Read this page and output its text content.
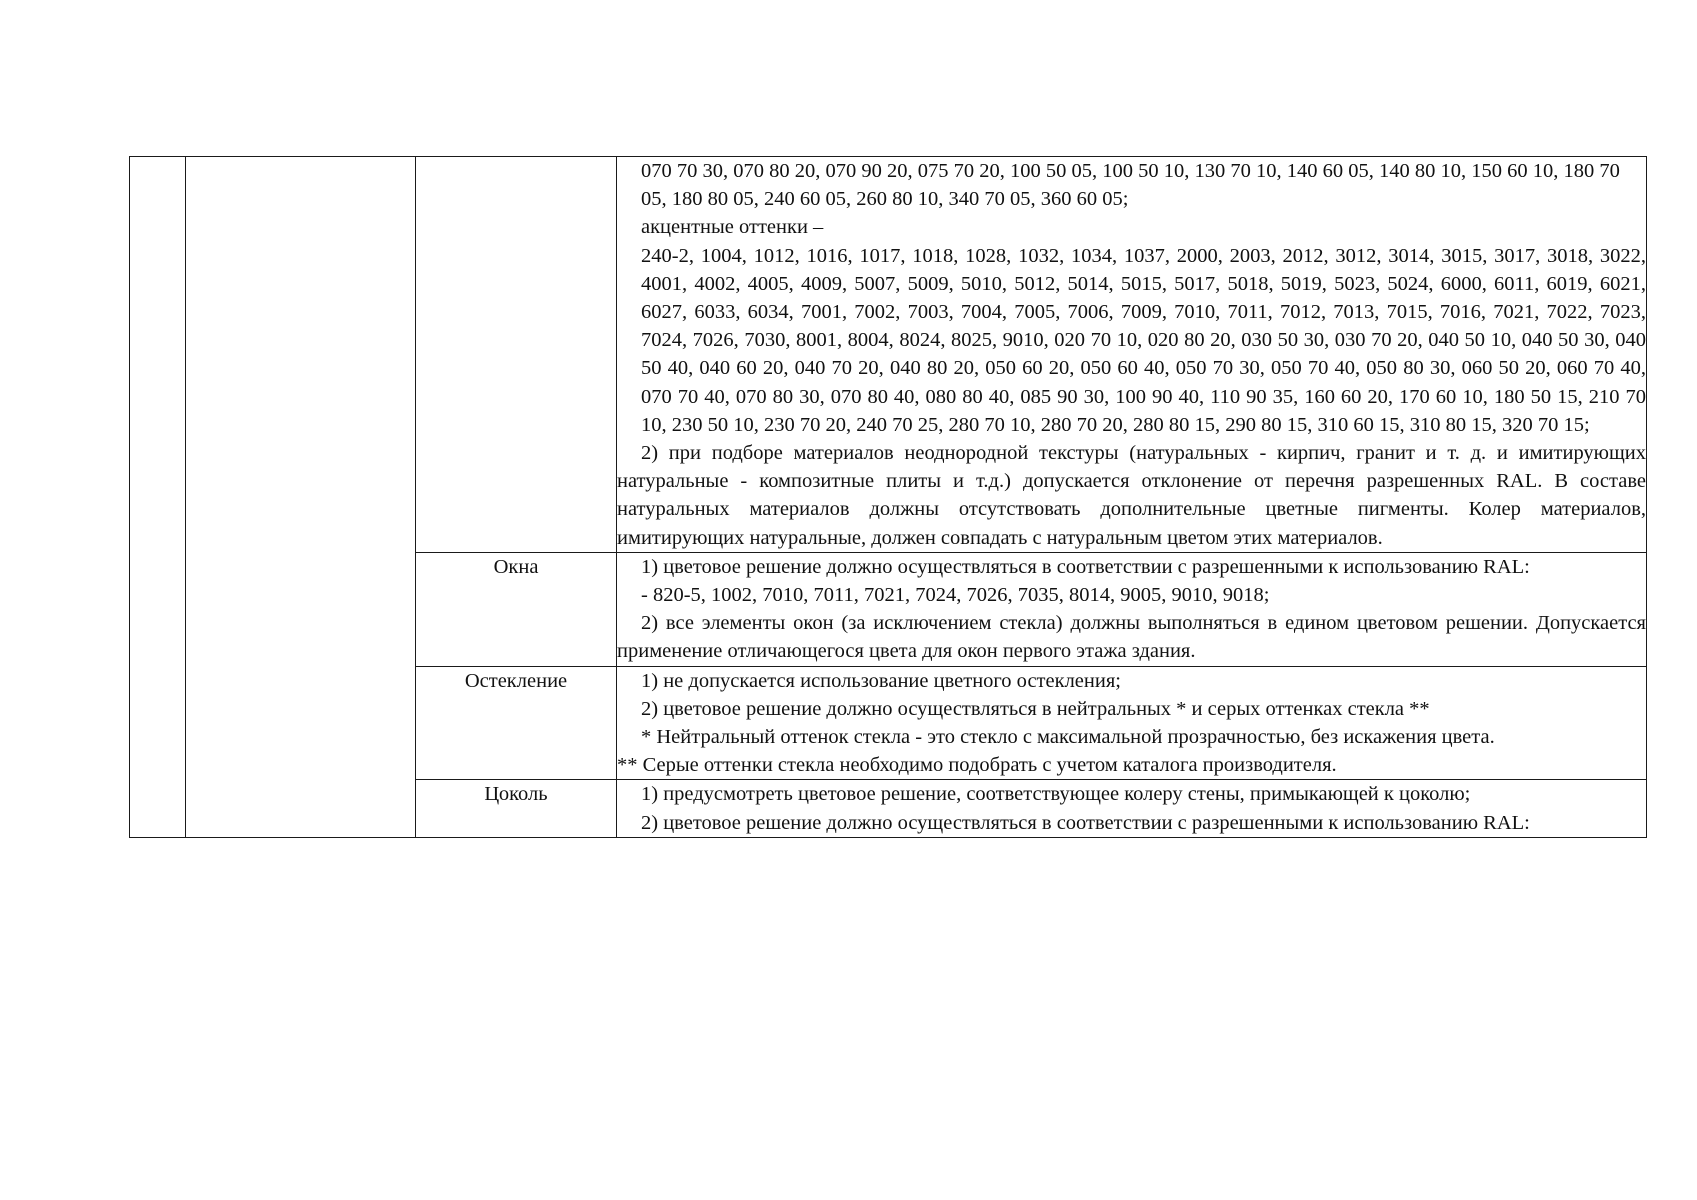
			070 70 30, 070 80 20, 070 90 20, 075 70 20, 100 50 05, 100 50 10, 130 70 10, 140 60 05, 140 80 10, 150 60 10, 180 70 05, 180 80 05, 240 60 05, 260 80 10, 340 70 05, 360 60 05;

акцентные оттенки –

240-2, 1004, 1012, 1016, 1017, 1018, 1028, 1032, 1034, 1037, 2000, 2003, 2012, 3012, 3014, 3015, 3017, 3018, 3022, 4001, 4002, 4005, 4009, 5007, 5009, 5010, 5012, 5014, 5015, 5017, 5018, 5019, 5023, 5024, 6000, 6011, 6019, 6021, 6027, 6033, 6034, 7001, 7002, 7003, 7004, 7005, 7006, 7009, 7010, 7011, 7012, 7013, 7015, 7016, 7021, 7022, 7023, 7024, 7026, 7030, 8001, 8004, 8024, 8025, 9010, 020 70 10, 020 80 20, 030 50 30, 030 70 20, 040 50 10, 040 50 30, 040 50 40, 040 60 20, 040 70 20, 040 80 20, 050 60 20, 050 60 40, 050 70 30, 050 70 40, 050 80 30, 060 50 20, 060 70 40, 070 70 40, 070 80 30, 070 80 40, 080 80 40, 085 90 30, 100 90 40, 110 90 35, 160 60 20, 170 60 10, 180 50 15, 210 70 10, 230 50 10, 230 70 20, 240 70 25, 280 70 10, 280 70 20, 280 80 15, 290 80 15, 310 60 15, 310 80 15, 320 70 15;

2) при подборе материалов неоднородной текстуры (натуральных - кирпич, гранит и т. д. и имитирующих натуральные - композитные плиты и т.д.) допускается отклонение от перечня разрешенных RAL. В составе натуральных материалов должны отсутствовать дополнительные цветные пигменты. Колер материалов, имитирующих натуральные, должен совпадать с натуральным цветом этих материалов.

		Окна	1) цветовое решение должно осуществляться в соответствии с разрешенными к использованию RAL:

- 820-5, 1002, 7010, 7011, 7021, 7024, 7026, 7035, 8014, 9005, 9010, 9018;

2) все элементы окон (за исключением стекла) должны выполняться в едином цветовом решении. Допускается применение отличающегося цвета для окон первого этажа здания.

		Остекление	1) не допускается использование цветного остекления;

2) цветовое решение должно осуществляться в нейтральных * и серых оттенках стекла **

* Нейтральный оттенок стекла - это стекло с максимальной прозрачностью, без искажения цвета.

** Серые оттенки стекла необходимо подобрать с учетом каталога производителя.

		Цоколь	1) предусмотреть цветовое решение, соответствующее колеру стены, примыкающей к цоколю;

2) цветовое решение должно осуществляться в соответствии с разрешенными к использованию RAL:
